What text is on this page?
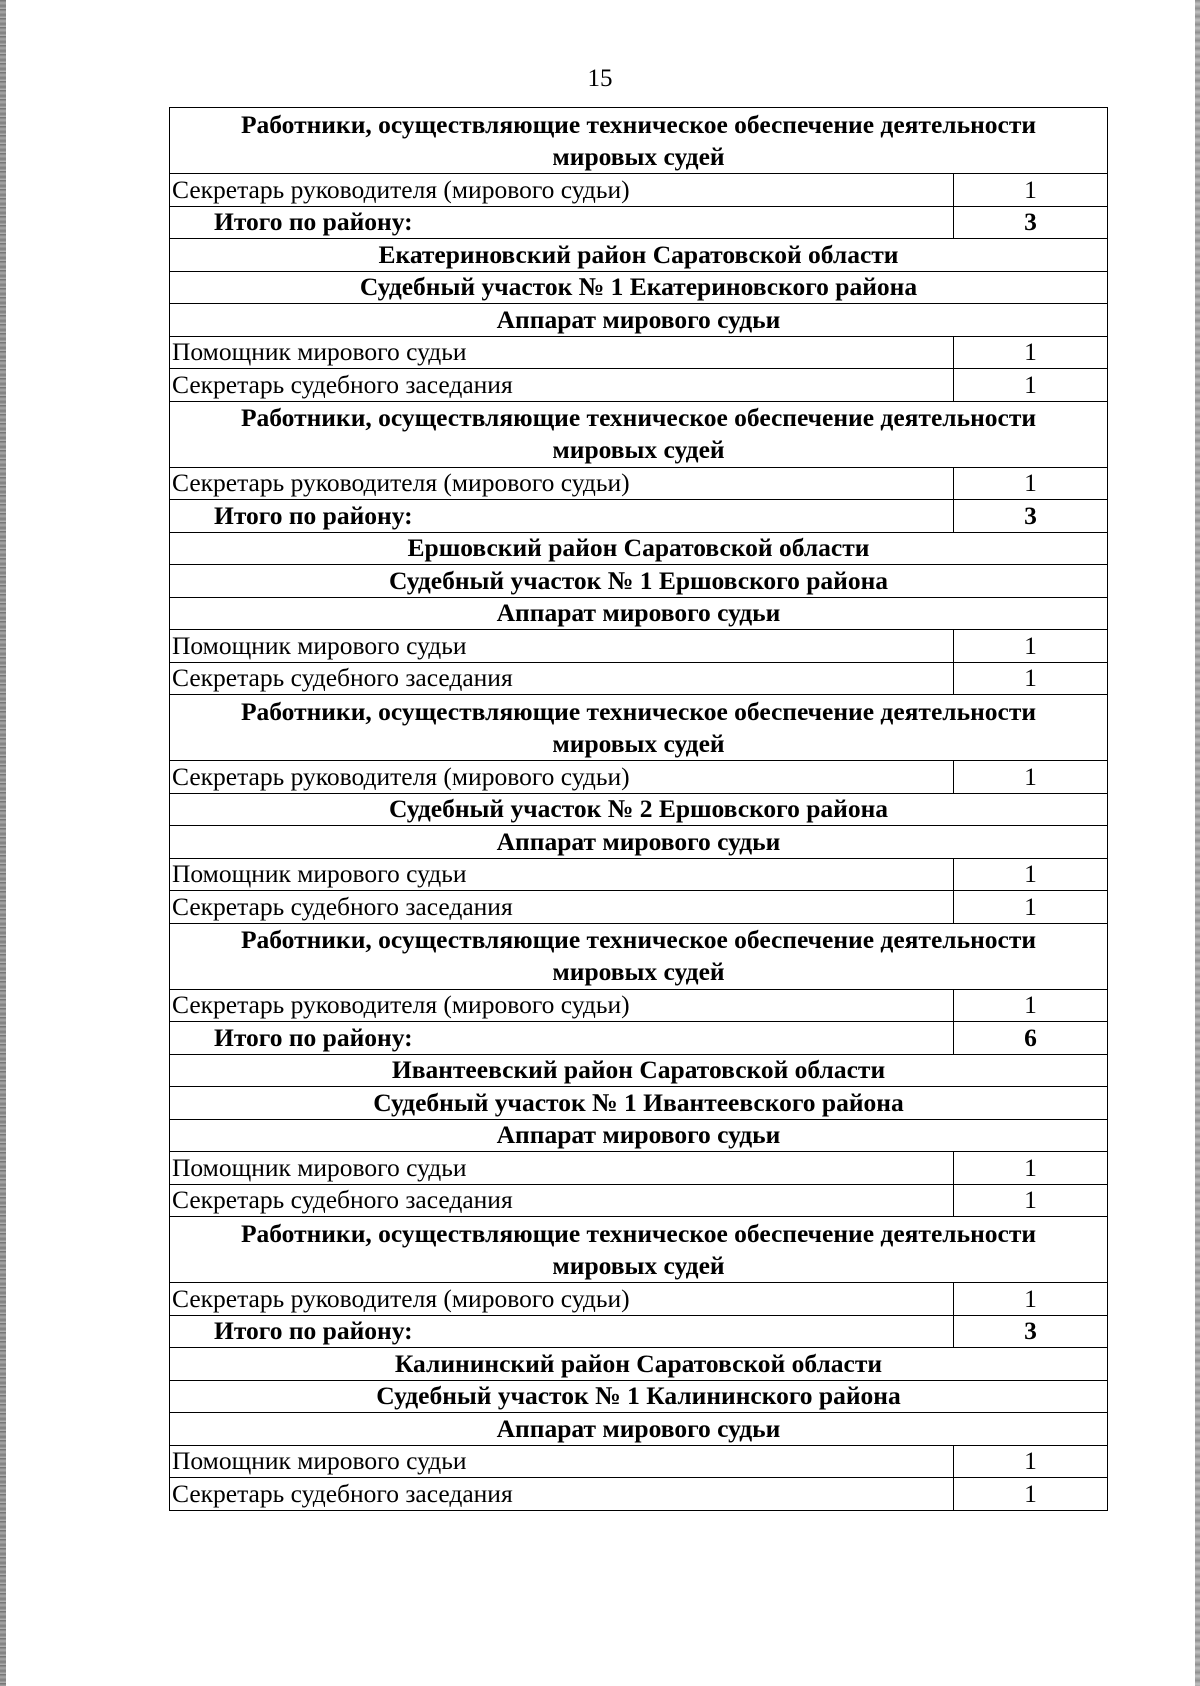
15
Работники, осуществляющие техническое обеспечение деятельности мировых судей	
Секретарь руководителя (мирового судьи)	1
Итого по району:	3
Екатериновский район Саратовской области	
Судебный участок № 1 Екатериновского района	
Аппарат мирового судьи	
Помощник мирового судьи	1
Секретарь судебного заседания	1
Работники, осуществляющие техническое обеспечение деятельности мировых судей	
Секретарь руководителя (мирового судьи)	1
Итого по району:	3
Ершовский район Саратовской области	
Судебный участок № 1 Ершовского района	
Аппарат мирового судьи	
Помощник мирового судьи	1
Секретарь судебного заседания	1
Работники, осуществляющие техническое обеспечение деятельности мировых судей	
Секретарь руководителя (мирового судьи)	1
Судебный участок № 2 Ершовского района	
Аппарат мирового судьи	
Помощник мирового судьи	1
Секретарь судебного заседания	1
Работники, осуществляющие техническое обеспечение деятельности мировых судей	
Секретарь руководителя (мирового судьи)	1
Итого по району:	6
Ивантеевский район Саратовской области	
Судебный участок № 1 Ивантеевского района	
Аппарат мирового судьи	
Помощник мирового судьи	1
Секретарь судебного заседания	1
Работники, осуществляющие техническое обеспечение деятельности мировых судей	
Секретарь руководителя (мирового судьи)	1
Итого по району:	3
Калининский район Саратовской области	
Судебный участок № 1 Калининского района	
Аппарат мирового судьи	
Помощник мирового судьи	1
Секретарь судебного заседания	1
